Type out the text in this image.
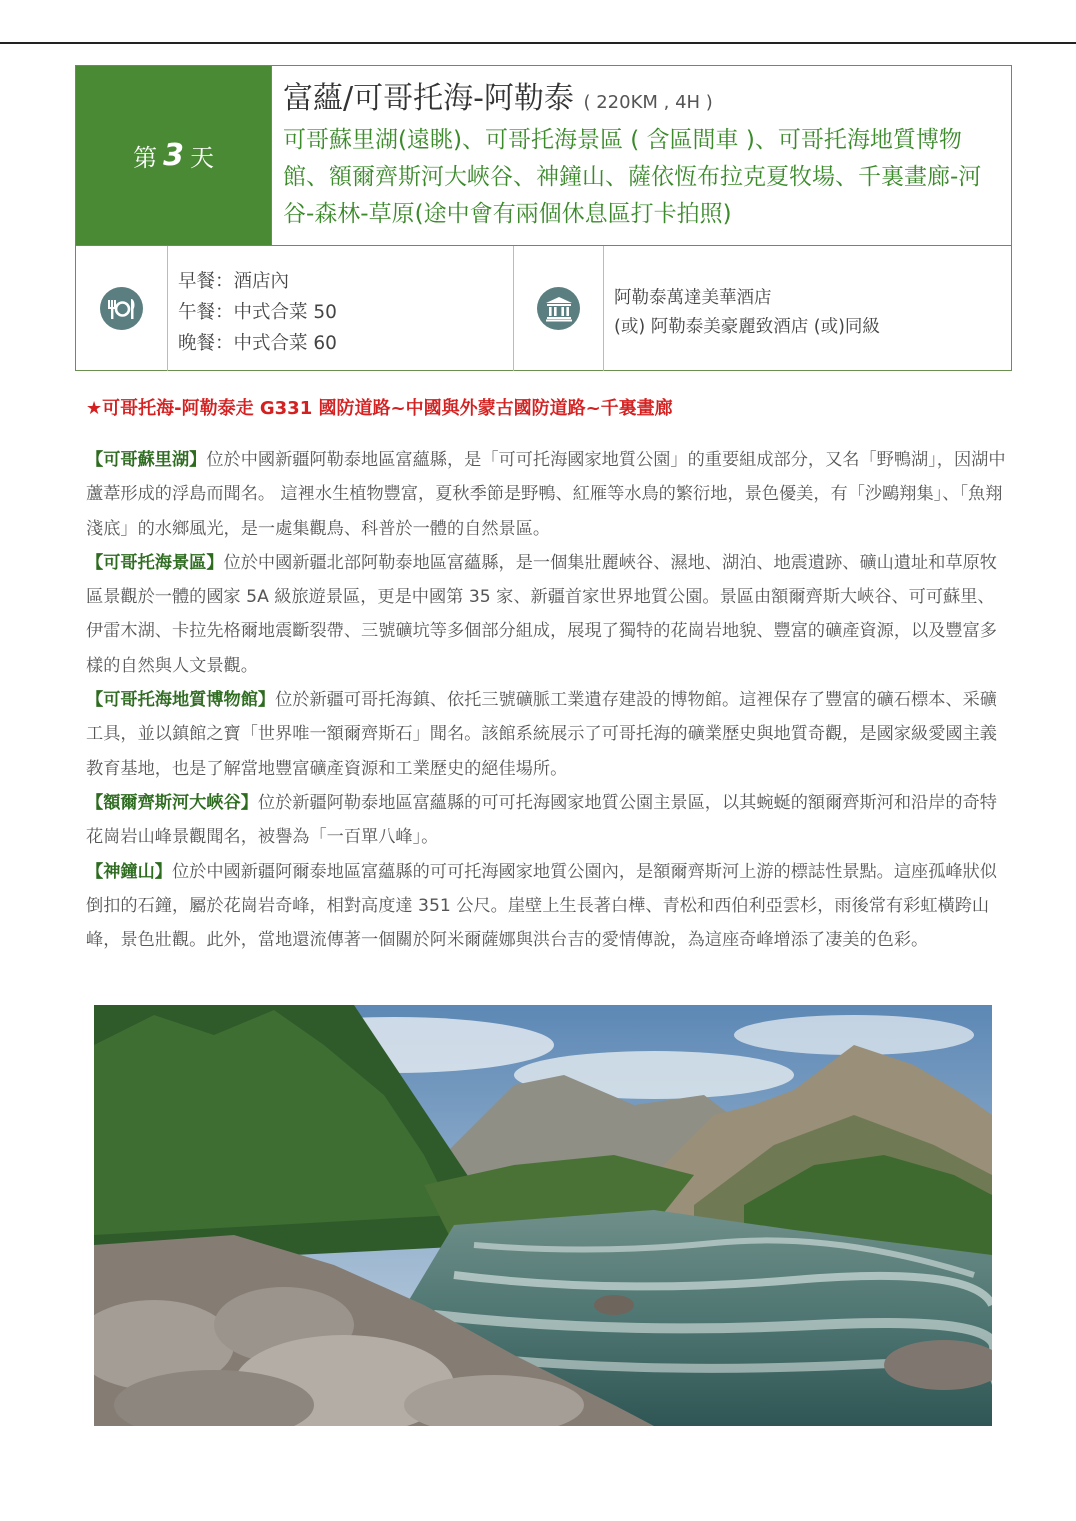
第 3 天
富蘊/可哥托海-阿勒泰 ( 220KM , 4H )
可哥蘇里湖(遠眺)、可哥托海景區 ( 含區間車 )、可哥托海地質博物館、額爾齊斯河大峽谷、神鐘山、薩依恆布拉克夏牧場、千裏畫廊-河谷-森林-草原(途中會有兩個休息區打卡拍照)
早餐：酒店內
午餐：中式合菜 50
晚餐：中式合菜 60
阿勒泰萬達美華酒店
(或) 阿勒泰美豪麗致酒店 (或)同級
★可哥托海-阿勒泰走 G331 國防道路~中國與外蒙古國防道路~千裏畫廊

【可哥蘇里湖】位於中國新疆阿勒泰地區富蘊縣，是「可可托海國家地質公園」的重要組成部分，又名「野鴨湖」，因湖中蘆葦形成的浮島而聞名。 這裡水生植物豐富，夏秋季節是野鴨、紅雁等水鳥的繁衍地，景色優美，有「沙鷗翔集」、「魚翔淺底」的水鄉風光，是一處集觀鳥、科普於一體的自然景區。

【可哥托海景區】位於中國新疆北部阿勒泰地區富蘊縣，是一個集壯麗峽谷、濕地、湖泊、地震遺跡、礦山遺址和草原牧區景觀於一體的國家 5A 級旅遊景區，更是中國第 35 家、新疆首家世界地質公園。景區由額爾齊斯大峽谷、可可蘇里、伊雷木湖、卡拉先格爾地震斷裂帶、三號礦坑等多個部分組成，展現了獨特的花崗岩地貌、豐富的礦產資源，以及豐富多樣的自然與人文景觀。

【可哥托海地質博物館】位於新疆可哥托海鎮、依托三號礦脈工業遺存建設的博物館。這裡保存了豐富的礦石標本、采礦工具，並以鎮館之寶「世界唯一額爾齊斯石」聞名。該館系統展示了可哥托海的礦業歷史與地質奇觀，是國家級愛國主義教育基地，也是了解當地豐富礦產資源和工業歷史的絕佳場所。

【額爾齊斯河大峽谷】位於新疆阿勒泰地區富蘊縣的可可托海國家地質公園主景區，以其蜿蜒的額爾齊斯河和沿岸的奇特花崗岩山峰景觀聞名，被譽為「一百單八峰」。

【神鐘山】位於中國新疆阿爾泰地區富蘊縣的可可托海國家地質公園內，是額爾齊斯河上游的標誌性景點。這座孤峰狀似倒扣的石鐘，屬於花崗岩奇峰，相對高度達 351 公尺。崖壁上生長著白樺、青松和西伯利亞雲杉，雨後常有彩虹橫跨山峰，景色壯觀。此外，當地還流傳著一個關於阿米爾薩娜與洪台吉的愛情傳說，為這座奇峰增添了凄美的色彩。
